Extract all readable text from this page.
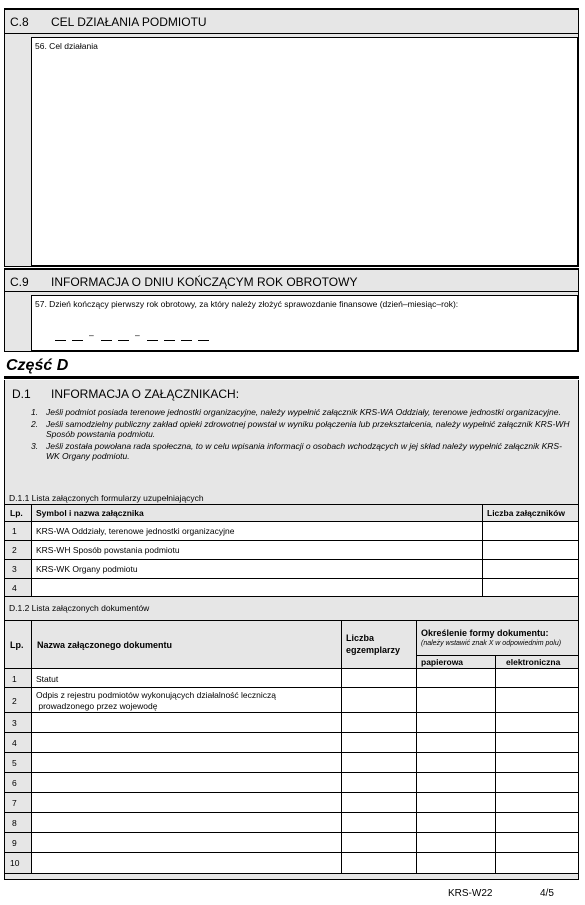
C.8 CEL DZIAŁANIA PODMIOTU
56. Cel działania
C.9 INFORMACJA O DNIU KOŃCZĄCYM ROK OBROTOWY
57. Dzień kończący pierwszy rok obrotowy, za który należy złożyć sprawozdanie finansowe (dzień–miesiąc–rok):
–	–
Część D
D.1 INFORMACJA O ZAŁĄCZNIKACH:
1. Jeśli podmiot posiada terenowe jednostki organizacyjne, należy wypełnić załącznik KRS-WA Oddziały, terenowe jednostki organizacyjne.
2. Jeśli samodzielny publiczny zakład opieki zdrowotnej powstał w wyniku połączenia lub przekształcenia, należy wypełnić załącznik KRS-WH Sposób powstania podmiotu.
3. Jeśli została powołana rada społeczna, to w celu wpisania informacji o osobach wchodzących w jej skład należy wypełnić załącznik KRS-WK Organy podmiotu.
D.1.1 Lista załączonych formularzy uzupełniających
Lp. Symbol i nazwa załącznika	Liczba załączników
1 KRS-WA Oddziały, terenowe jednostki organizacyjne
2 KRS-WH Sposób powstania podmiotu
3 KRS-WK Organy podmiotu
4
D.1.2 Lista załączonych dokumentów
Lp. Nazwa załączonego dokumentu
Liczba
egzemplarzy
Określenie formy dokumentu:
(należy wstawić znak X w odpowiednim polu)
papierowa	elektroniczna
1 Statut
2
Odpis z rejestru podmiotów wykonujących działalność leczniczą
prowadzonego przez wojewodę
3
4
5
6
7
8
9
10
KRS-W22	4/5
